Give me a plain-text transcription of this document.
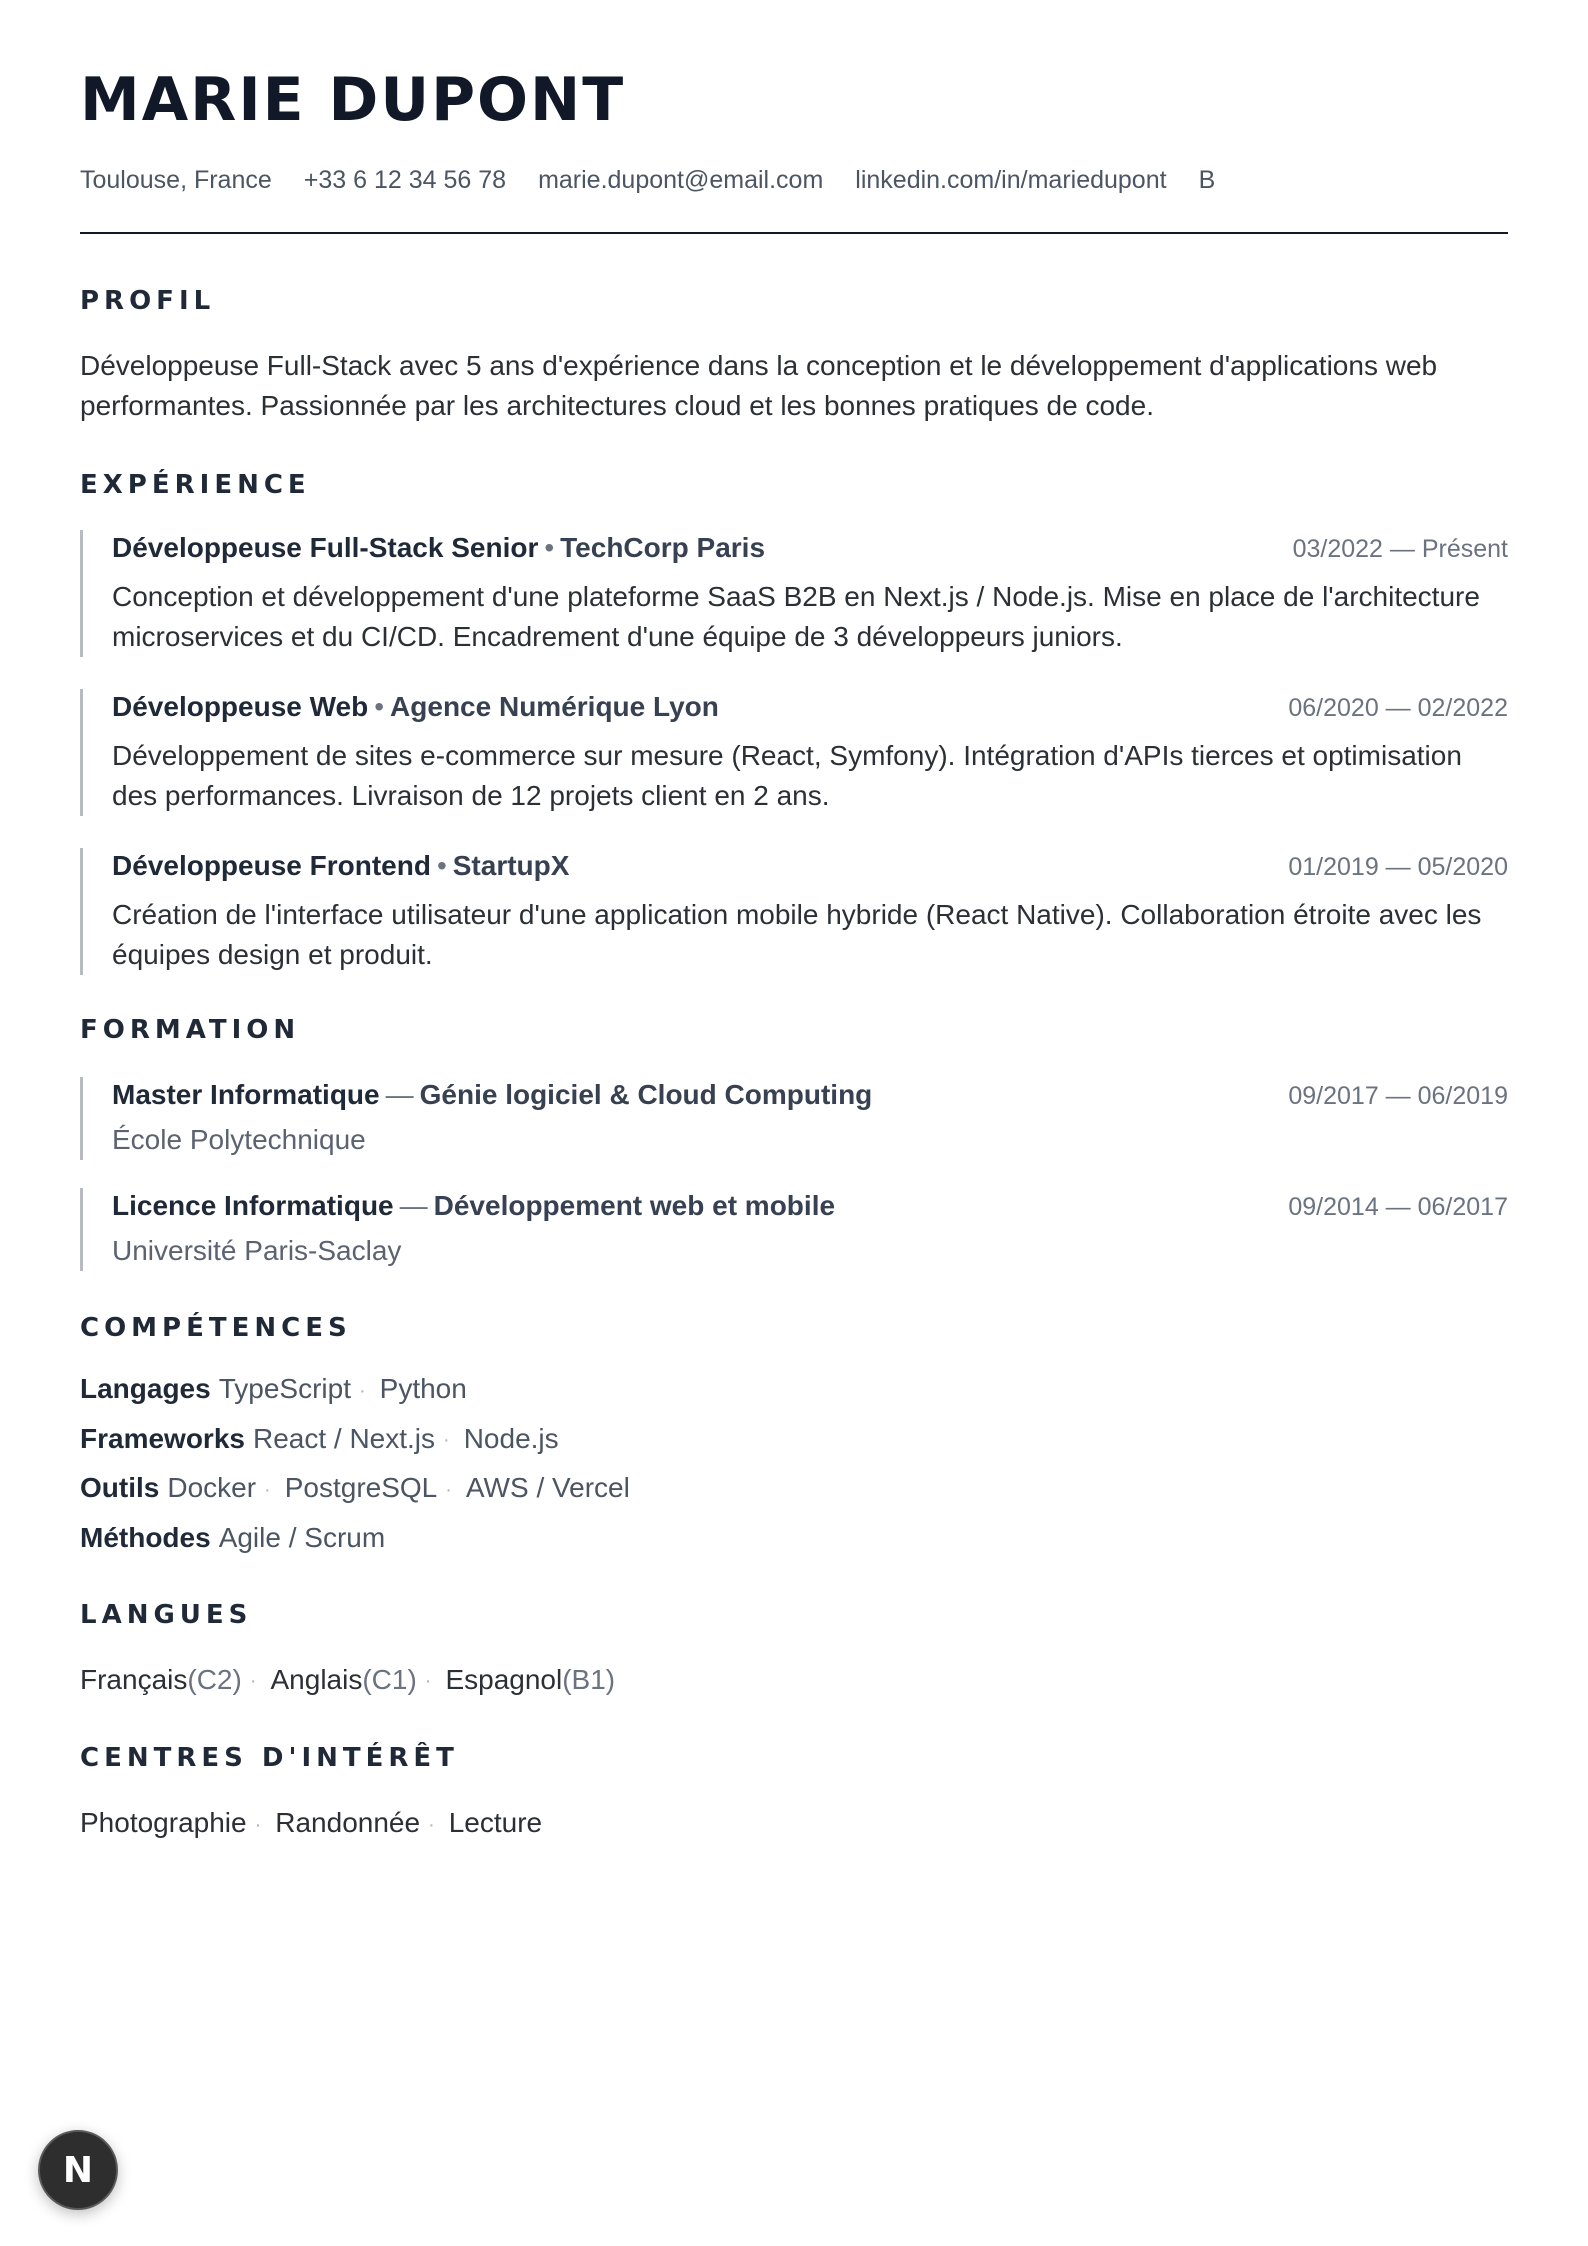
MARIE DUPONT
Toulouse, France +33 6 12 34 56 78 marie.dupont@email.com linkedin.com/in/mariedupont B
PROFIL

Développeuse Full-Stack avec 5 ans d'expérience dans la conception et le développement d'applications web performantes. Passionnée par les architectures cloud et les bonnes pratiques de code.

EXPÉRIENCE
Développeuse Full-Stack Senior • TechCorp Paris	03/2022 — Présent
Conception et développement d'une plateforme SaaS B2B en Next.js / Node.js. Mise en place de l'architecture microservices et du CI/CD. Encadrement d'une équipe de 3 développeurs juniors.
Développeuse Web • Agence Numérique Lyon	06/2020 — 02/2022
Développement de sites e-commerce sur mesure (React, Symfony). Intégration d'APIs tierces et optimisation des performances. Livraison de 12 projets client en 2 ans.
Développeuse Frontend • StartupX	01/2019 — 05/2020
Création de l'interface utilisateur d'une application mobile hybride (React Native). Collaboration étroite avec les équipes design et produit.
FORMATION
Master Informatique — Génie logiciel & Cloud Computing	09/2017 — 06/2019
École Polytechnique
Licence Informatique — Développement web et mobile	09/2014 — 06/2017
Université Paris-Saclay
COMPÉTENCES
Langages TypeScript · Python
Frameworks React / Next.js · Node.js
Outils Docker · PostgreSQL · AWS / Vercel
Méthodes Agile / Scrum
LANGUES
Français(C2) · Anglais(C1) · Espagnol(B1)
CENTRES D'INTÉRÊT
Photographie · Randonnée · Lecture
N
